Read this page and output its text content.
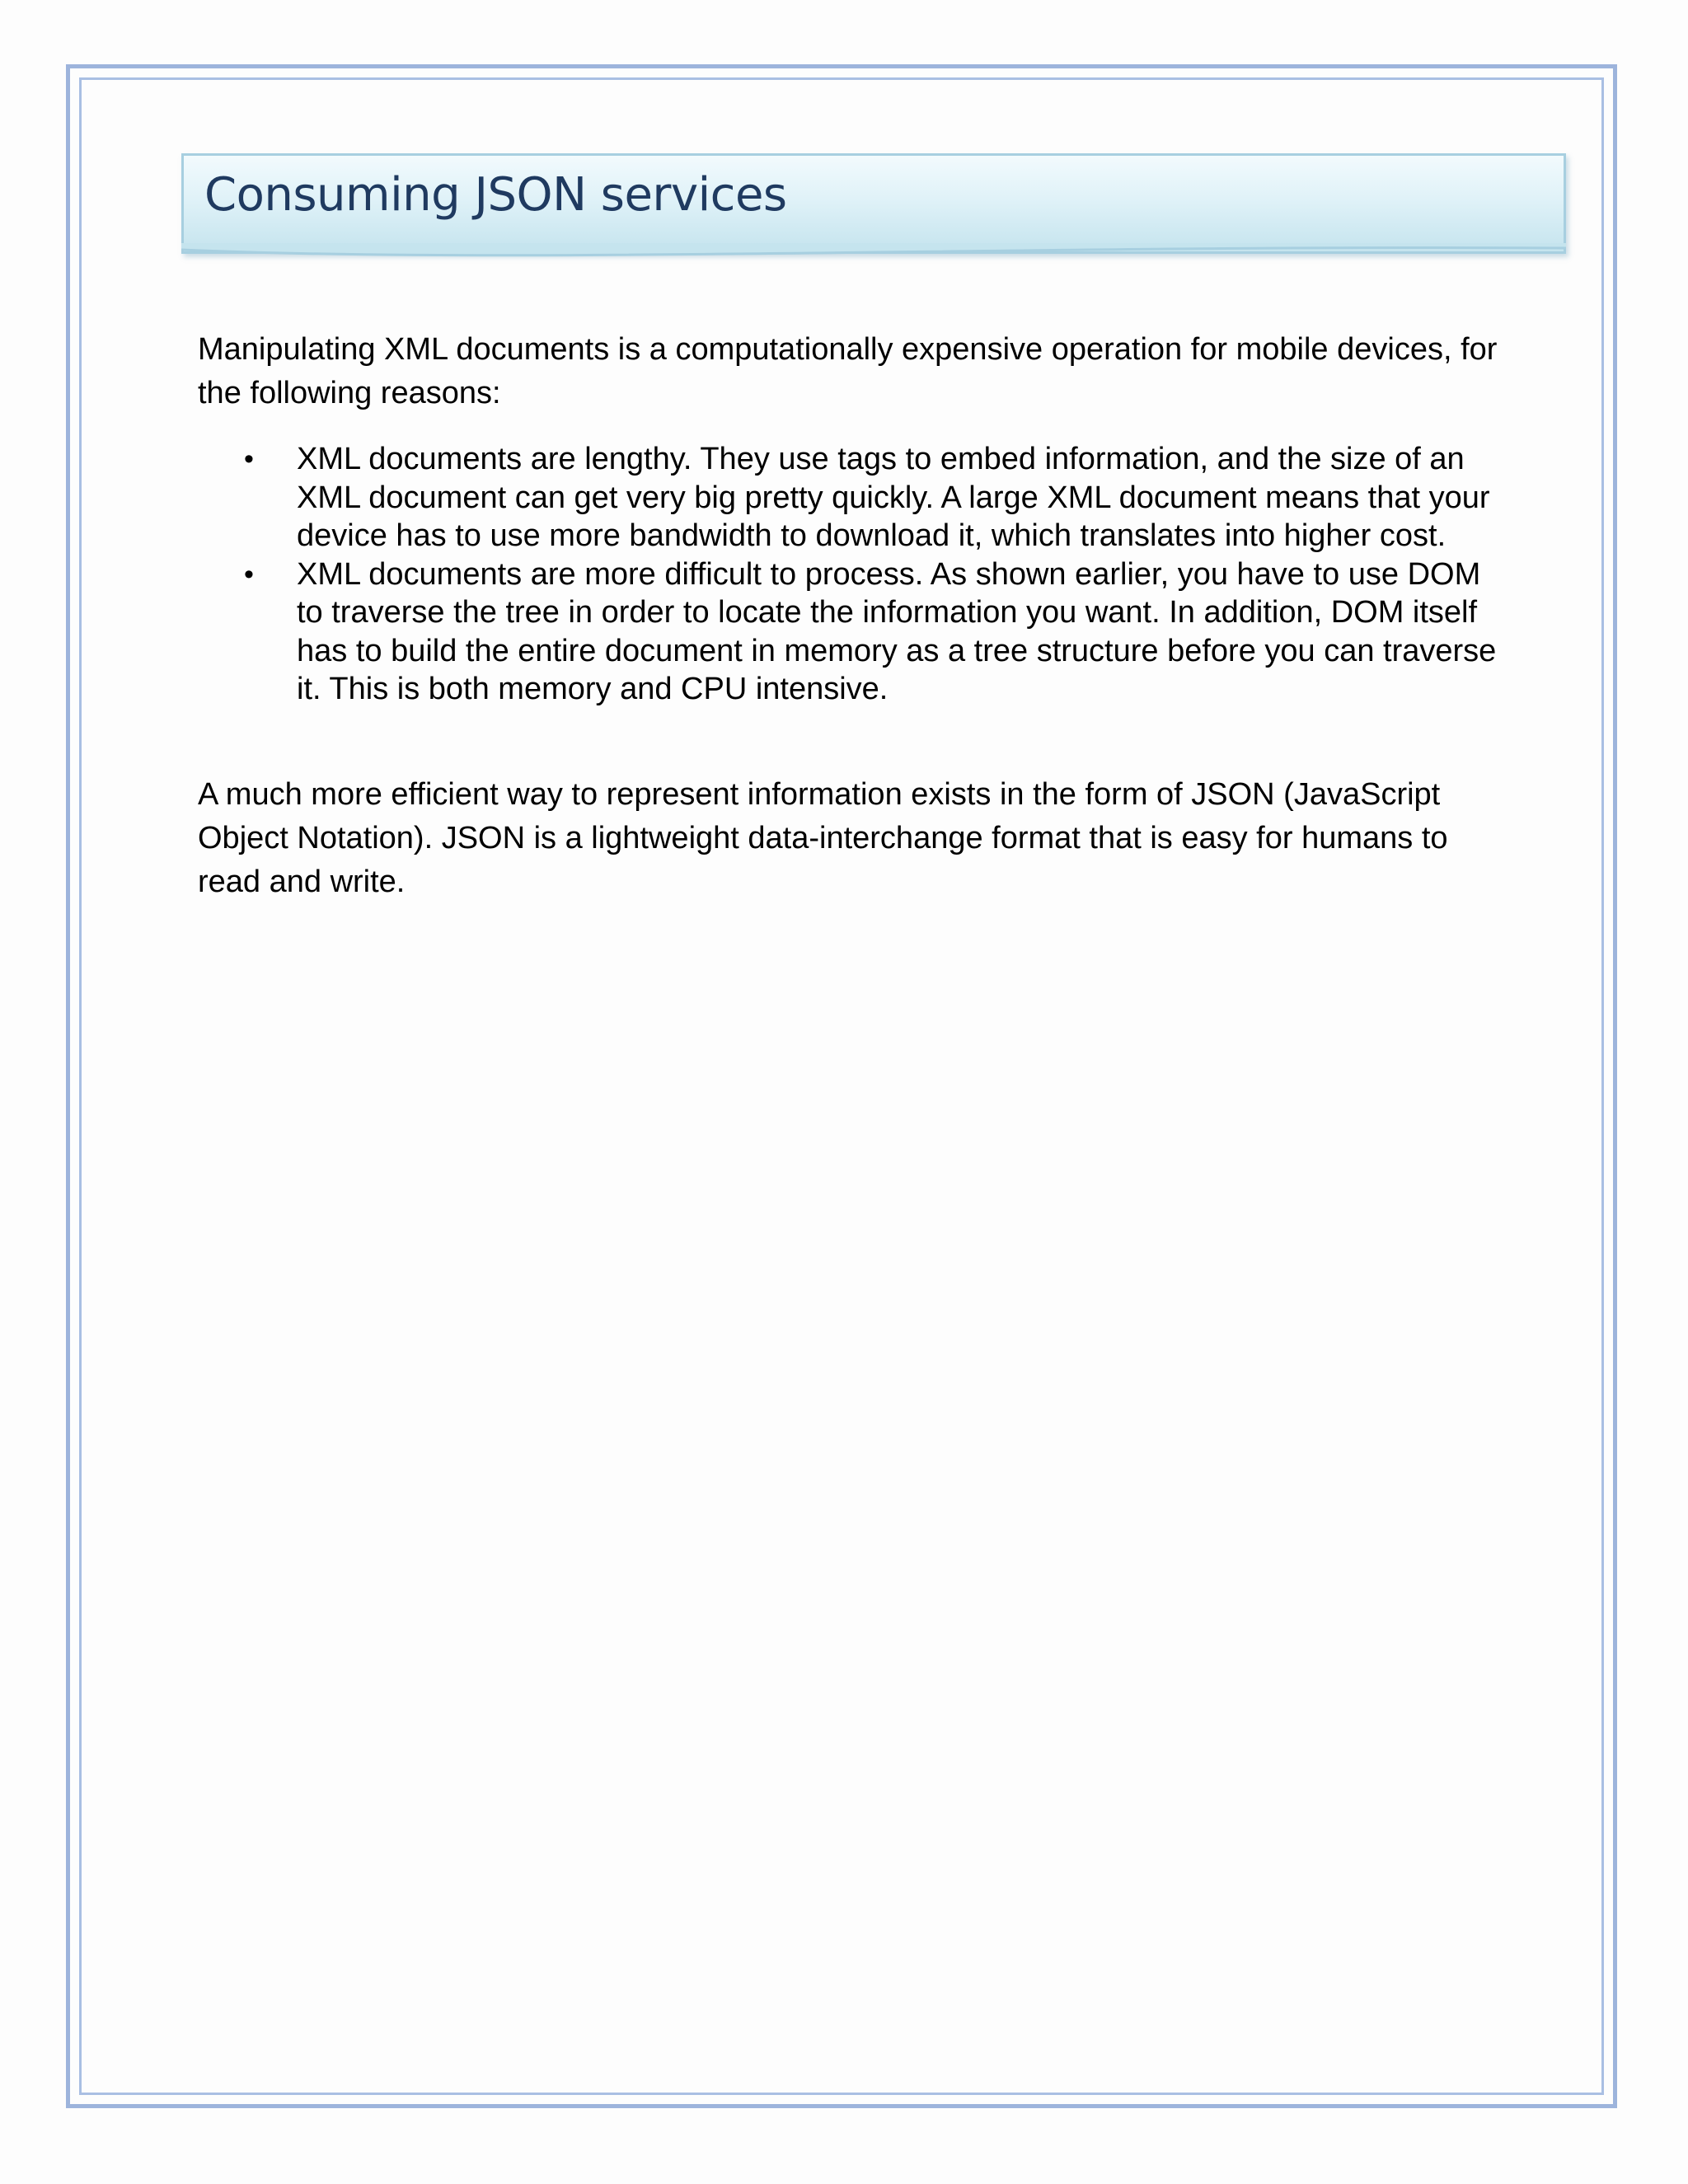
Consuming JSON services

Manipulating XML documents is a computationally expensive operation for mobile devices, for the following reasons:

• XML documents are lengthy. They use tags to embed information, and the size of an XML document can get very big pretty quickly. A large XML document means that your device has to use more bandwidth to download it, which translates into higher cost.
• XML documents are more difficult to process. As shown earlier, you have to use DOM to traverse the tree in order to locate the information you want. In addition, DOM itself has to build the entire document in memory as a tree structure before you can traverse it. This is both memory and CPU intensive.

A much more efficient way to represent information exists in the form of JSON (JavaScript Object Notation). JSON is a lightweight data-interchange format that is easy for humans to read and write.
